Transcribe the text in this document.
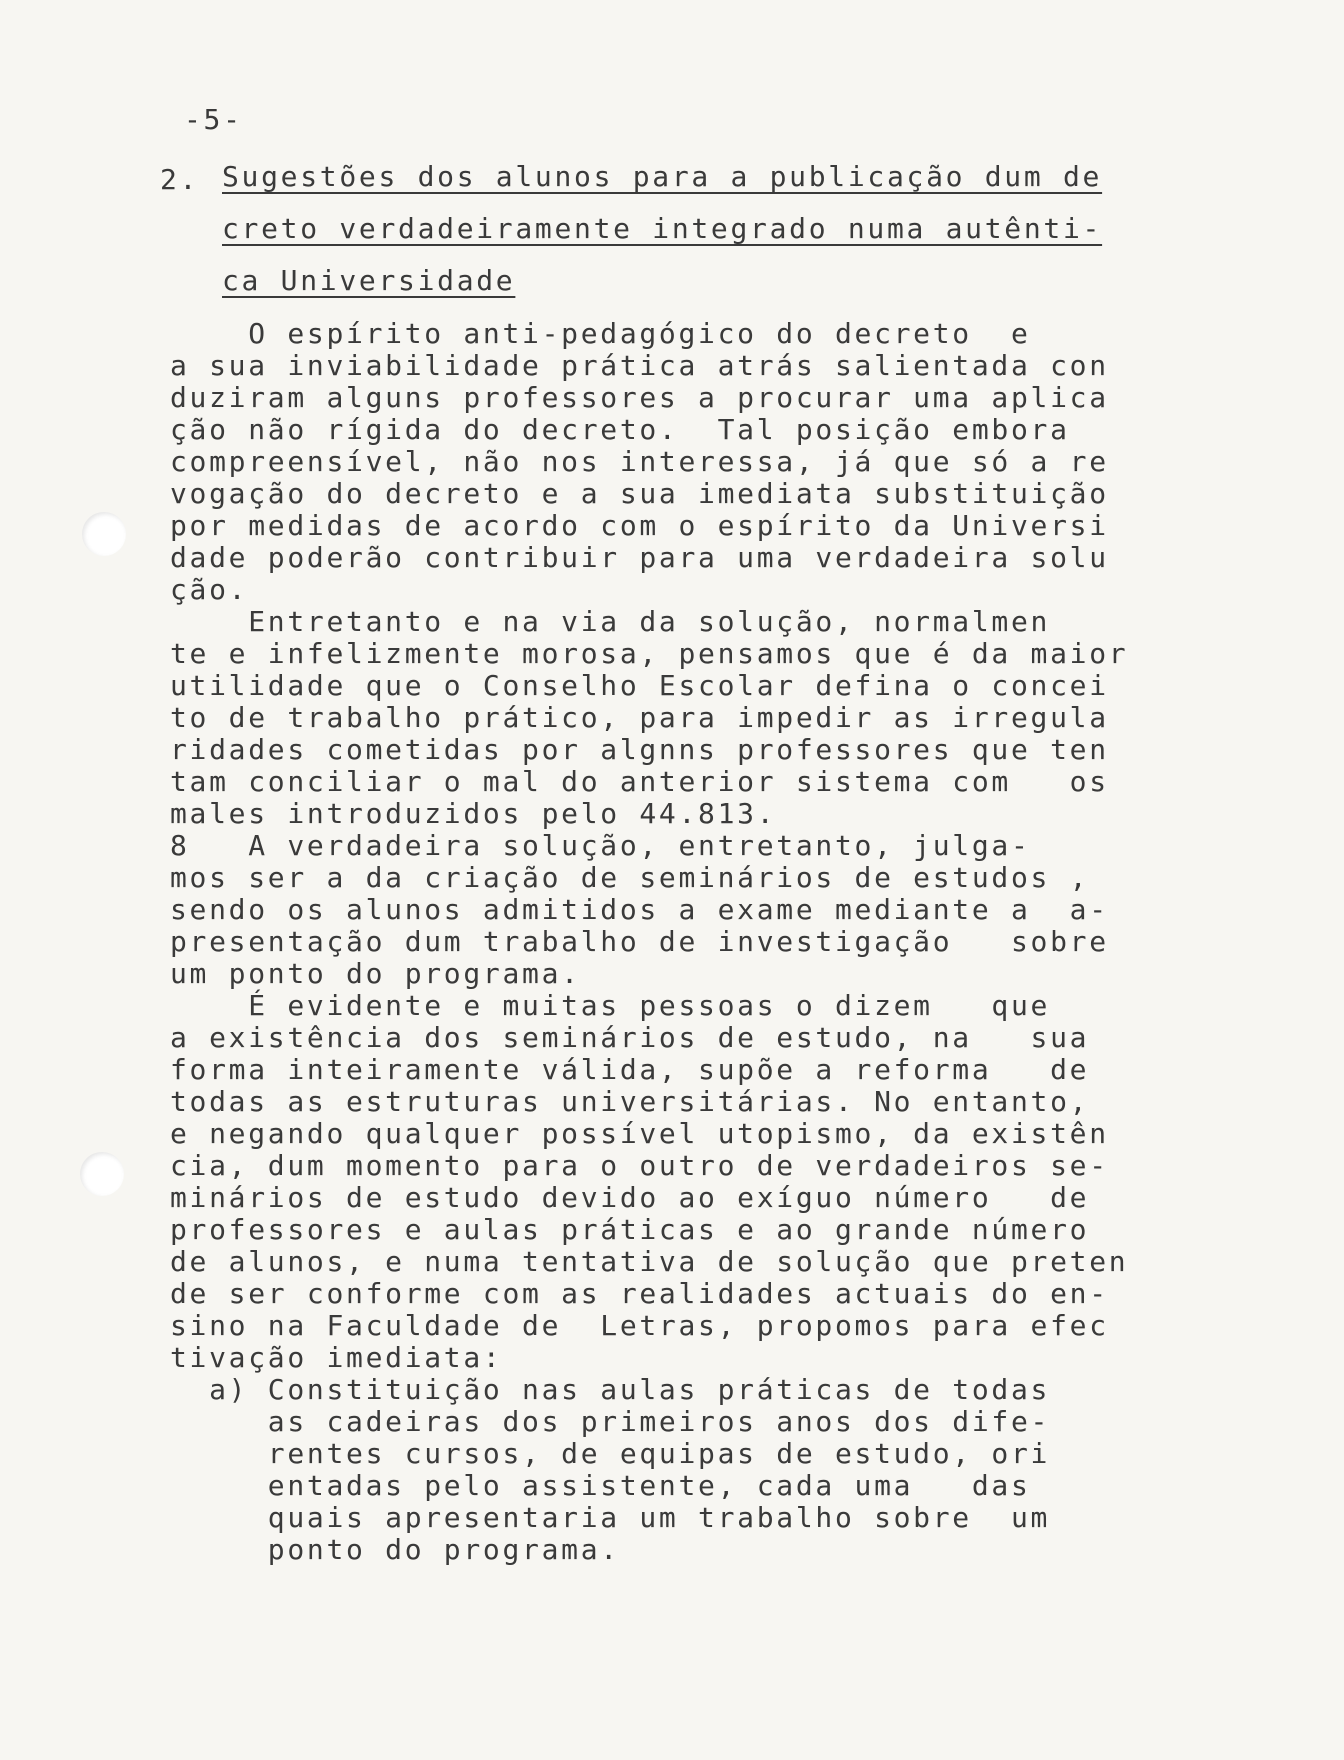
-5-
2. Sugestões dos alunos para a publicação dum de
creto verdadeiramente integrado numa autênti-
ca Universidade
O espírito anti-pedagógico do decreto  e
a sua inviabilidade prática atrás salientada con
duziram alguns professores a procurar uma aplica
ção não rígida do decreto.  Tal posição embora
compreensível, não nos interessa, já que só a re
vogação do decreto e a sua imediata substituição
por medidas de acordo com o espírito da Universi
dade poderão contribuir para uma verdadeira solu
ção.
Entretanto e na via da solução, normalmen
te e infelizmente morosa, pensamos que é da maior
utilidade que o Conselho Escolar defina o concei
to de trabalho prático, para impedir as irregula
ridades cometidas por algnns professores que ten
tam conciliar o mal do anterior sistema com   os
males introduzidos pelo 44.813.
8   A verdadeira solução, entretanto, julga-
mos ser a da criação de seminários de estudos ,
sendo os alunos admitidos a exame mediante a  a-
presentação dum trabalho de investigação   sobre
um ponto do programa.
É evidente e muitas pessoas o dizem   que
a existência dos seminários de estudo, na   sua
forma inteiramente válida, supõe a reforma   de
todas as estruturas universitárias. No entanto,
e negando qualquer possível utopismo, da existên
cia, dum momento para o outro de verdadeiros se-
minários de estudo devido ao exíguo número   de
professores e aulas práticas e ao grande número
de alunos, e numa tentativa de solução que preten
de ser conforme com as realidades actuais do en-
sino na Faculdade de  Letras, propomos para efec
tivação imediata:
a) Constituição nas aulas práticas de todas
as cadeiras dos primeiros anos dos dife-
rentes cursos, de equipas de estudo, ori
entadas pelo assistente, cada uma   das
quais apresentaria um trabalho sobre  um
ponto do programa.
